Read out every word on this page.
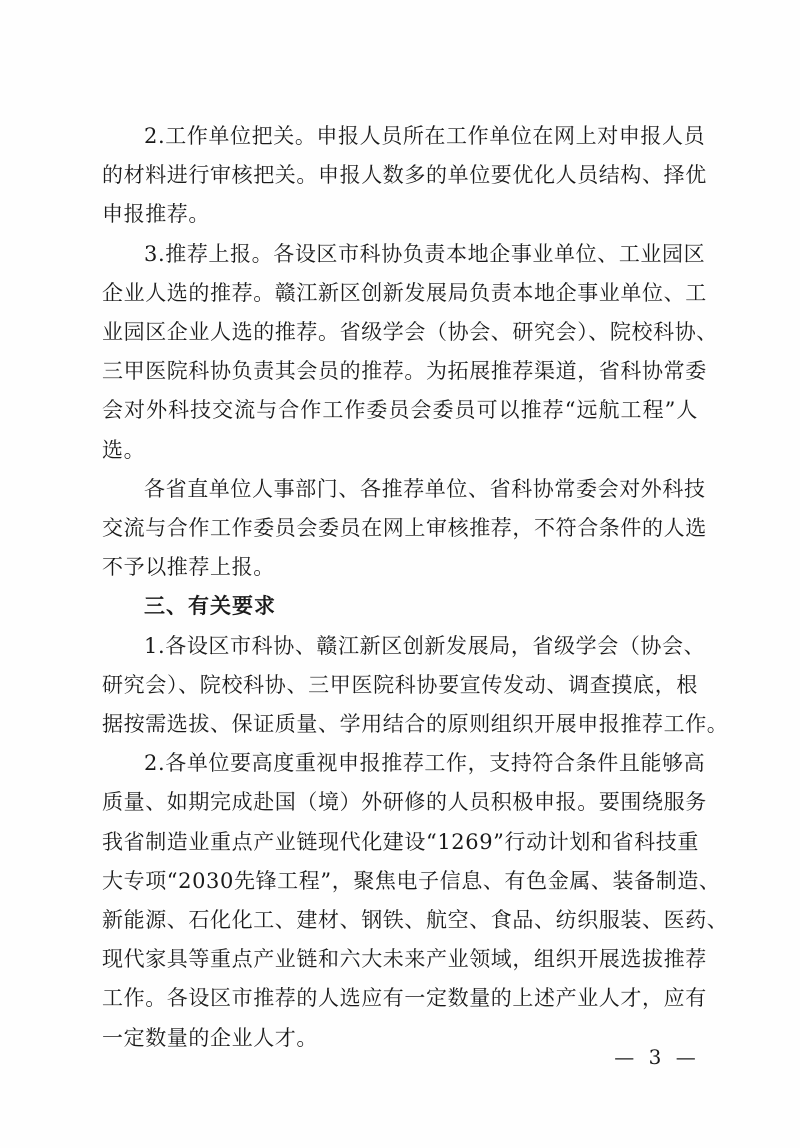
2.工作单位把关。申报人员所在工作单位在网上对申报人员
的材料进行审核把关。申报人数多的单位要优化人员结构、择优
申报推荐。

3.推荐上报。各设区市科协负责本地企事业单位、工业园区
企业人选的推荐。赣江新区创新发展局负责本地企事业单位、工
业园区企业人选的推荐。省级学会（协会、研究会）、院校科协、
三甲医院科协负责其会员的推荐。为拓展推荐渠道，省科协常委
会对外科技交流与合作工作委员会委员可以推荐“远航工程”人
选。

各省直单位人事部门、各推荐单位、省科协常委会对外科技
交流与合作工作委员会委员在网上审核推荐，不符合条件的人选
不予以推荐上报。

三、有关要求

1.各设区市科协、赣江新区创新发展局，省级学会（协会、
研究会）、院校科协、三甲医院科协要宣传发动、调查摸底，根
据按需选拔、保证质量、学用结合的原则组织开展申报推荐工作。

2.各单位要高度重视申报推荐工作，支持符合条件且能够高
质量、如期完成赴国（境）外研修的人员积极申报。要围绕服务
我省制造业重点产业链现代化建设“1269”行动计划和省科技重
大专项“2030先锋工程”，聚焦电子信息、有色金属、装备制造、
新能源、石化化工、建材、钢铁、航空、食品、纺织服装、医药、
现代家具等重点产业链和六大未来产业领域，组织开展选拔推荐
工作。各设区市推荐的人选应有一定数量的上述产业人才，应有
一定数量的企业人才。

— 3 —
